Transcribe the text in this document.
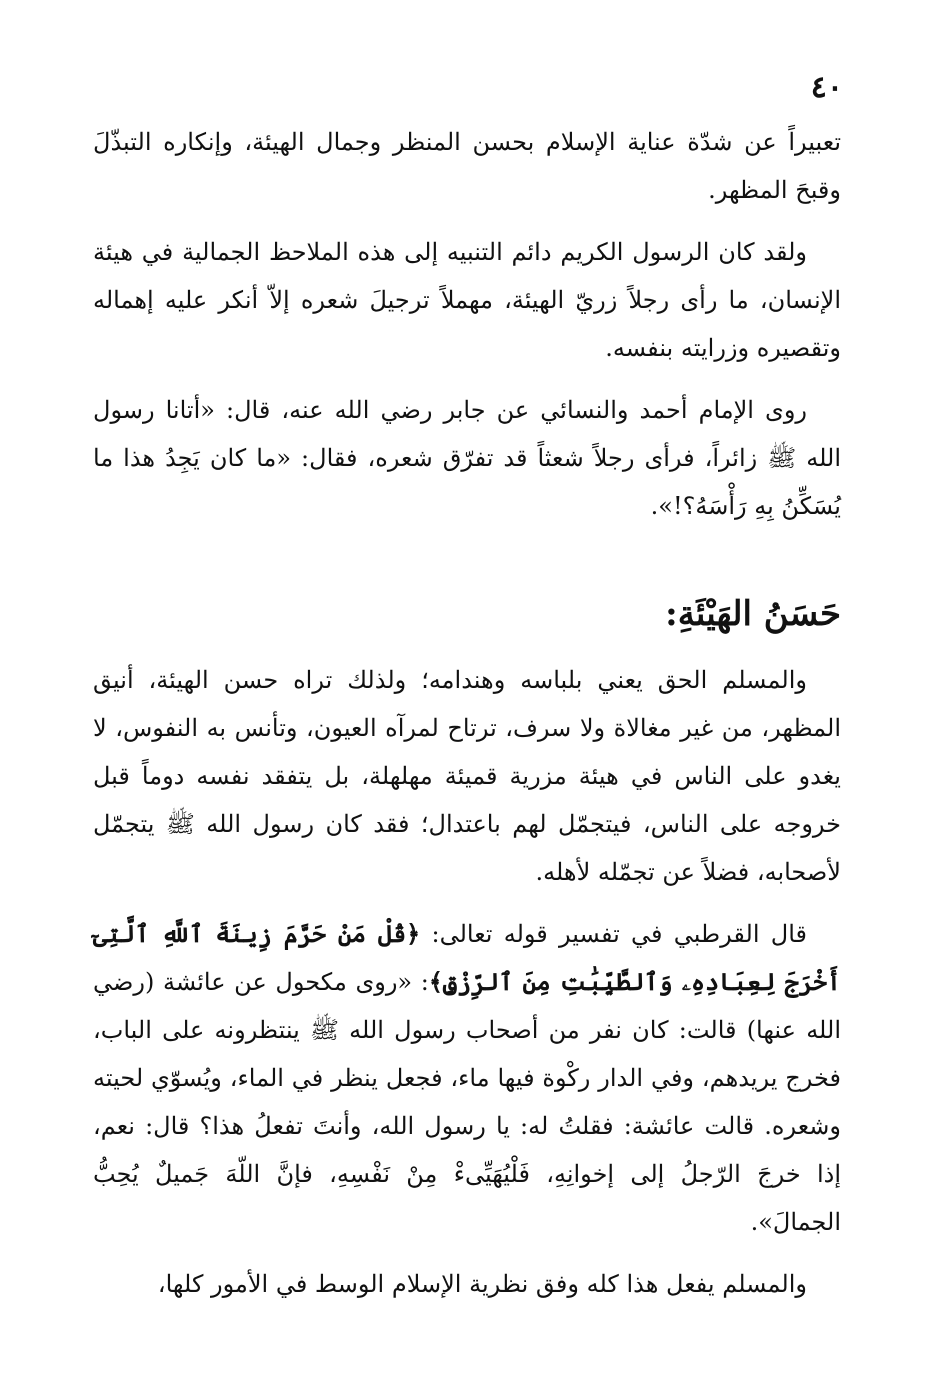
٤٠

تعبيراً عن شدّة عناية الإسلام بحسن المنظر وجمال الهيئة، وإنكاره التبذّلَ وقبحَ المظهر.

ولقد كان الرسول الكريم دائم التنبيه إلى هذه الملاحظ الجمالية في هيئة الإنسان، ما رأى رجلاً زريّ الهيئة، مهملاً ترجيلَ شعره إلاّ أنكر عليه إهماله وتقصيره وزرايته بنفسه.

روى الإمام أحمد والنسائي عن جابر رضي الله عنه، قال: «أتانا رسول الله ﷺ زائراً، فرأى رجلاً شعثاً قد تفرّق شعره، فقال: «ما كان يَجِدُ هذا ما يُسَكِّنُ بِهِ رَأْسَهُ؟!».

حَسَنُ الهَيْئَةِ:

والمسلم الحق يعني بلباسه وهندامه؛ ولذلك تراه حسن الهيئة، أنيق المظهر، من غير مغالاة ولا سرف، ترتاح لمرآه العيون، وتأنس به النفوس، لا يغدو على الناس في هيئة مزرية قميئة مهلهلة، بل يتفقد نفسه دوماً قبل خروجه على الناس، فيتجمّل لهم باعتدال؛ فقد كان رسول الله ﷺ يتجمّل لأصحابه، فضلاً عن تجمّله لأهله.

قال القرطبي في تفسير قوله تعالى: ﴿قُلْ مَنْ حَرَّمَ زِينَةَ ٱللَّهِ ٱلَّتِىٓ أَخْرَجَ لِعِبَادِهِۦ وَٱلطَّيِّبَٰتِ مِنَ ٱلرِّزْقِ﴾: «روى مكحول عن عائشة (رضي الله عنها) قالت: كان نفر من أصحاب رسول الله ﷺ ينتظرونه على الباب، فخرج يريدهم، وفي الدار ركْوة فيها ماء، فجعل ينظر في الماء، ويُسوّي لحيته وشعره. قالت عائشة: فقلتُ له: يا رسول الله، وأنتَ تفعلُ هذا؟ قال: نعم، إذا خرجَ الرّجلُ إلى إخوانِهِ، فَلْيُهَيِّىءْ مِنْ نَفْسِهِ، فإنَّ اللّهَ جَميلٌ يُحِبُّ الجمالَ».

والمسلم يفعل هذا كله وفق نظرية الإسلام الوسط في الأمور كلها،
